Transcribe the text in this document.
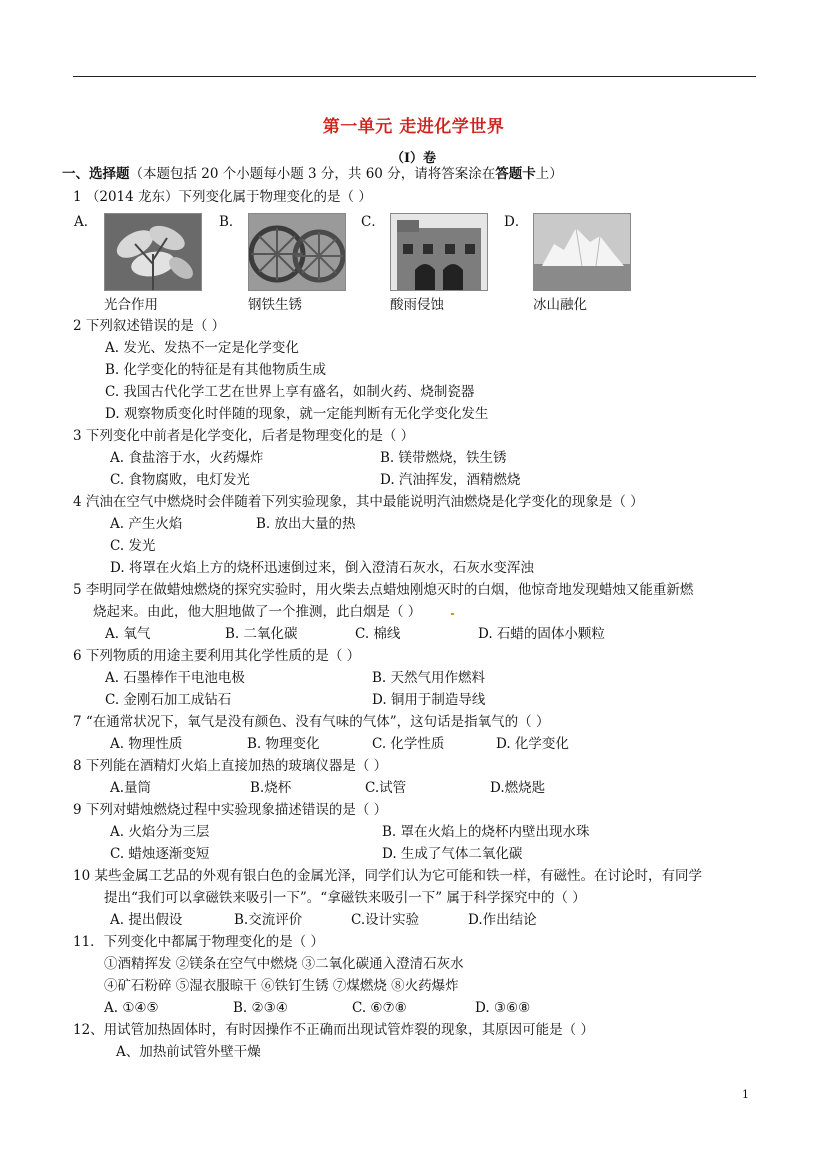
第一单元 走进化学世界
（Ⅰ）卷
一、选择题（本题包括 20 个小题每小题 3 分，共 60 分，请将答案涂在答题卡上）
1 （2014 龙东）下列变化属于物理变化的是（ ）
A．
光合作用
B．
钢铁生锈
C．
酸雨侵蚀
D．
冰山融化
2 下列叙述错误的是（ ）
A. 发光、发热不一定是化学变化
B. 化学变化的特征是有其他物质生成
C. 我国古代化学工艺在世界上享有盛名，如制火药、烧制瓷器
D. 观察物质变化时伴随的现象，就一定能判断有无化学变化发生
3 下列变化中前者是化学变化，后者是物理变化的是（ ）
A. 食盐溶于水，火药爆炸	B. 镁带燃烧，铁生锈
C. 食物腐败，电灯发光	D. 汽油挥发，酒精燃烧
4 汽油在空气中燃烧时会伴随着下列实验现象，其中最能说明汽油燃烧是化学变化的现象是（ ）
A. 产生火焰	B. 放出大量的热
C. 发光
D. 将罩在火焰上方的烧杯迅速倒过来，倒入澄清石灰水，石灰水变浑浊
5 李明同学在做蜡烛燃烧的探究实验时，用火柴去点蜡烛刚熄灭时的白烟，他惊奇地发现蜡烛又能重新燃
烧起来。由此，他大胆地做了一个推测，此白烟是（ ）
A. 氧气	B. 二氧化碳	C. 棉线	D. 石蜡的固体小颗粒
6 下列物质的用途主要利用其化学性质的是（ ）
A. 石墨棒作干电池电极	B. 天然气用作燃料
C. 金刚石加工成钻石	D. 铜用于制造导线
7 “在通常状况下，氧气是没有颜色、没有气味的气体”，这句话是指氧气的（ ）
A. 物理性质	B. 物理变化	C. 化学性质	D. 化学变化
8 下列能在酒精灯火焰上直接加热的玻璃仪器是（ ）
A.量筒	B.烧杯	C.试管	D.燃烧匙
9 下列对蜡烛燃烧过程中实验现象描述错误的是（ ）
A. 火焰分为三层	B. 罩在火焰上的烧杯内壁出现水珠
C. 蜡烛逐渐变短	D. 生成了气体二氧化碳
10 某些金属工艺品的外观有银白色的金属光泽，同学们认为它可能和铁一样，有磁性。在讨论时，有同学
提出“我们可以拿磁铁来吸引一下”。“拿磁铁来吸引一下” 属于科学探究中的（ ）
A. 提出假设	B.交流评价	C.设计实验	D.作出结论
11．下列变化中都属于物理变化的是（ ）
①酒精挥发 ②镁条在空气中燃烧 ③二氧化碳通入澄清石灰水
④矿石粉碎 ⑤湿衣服晾干 ⑥铁钉生锈 ⑦煤燃烧 ⑧火药爆炸
A. ①④⑤	B. ②③④	C. ⑥⑦⑧	D. ③⑥⑧
12、用试管加热固体时，有时因操作不正确而出现试管炸裂的现象，其原因可能是（ ）
A、加热前试管外壁干燥
1
